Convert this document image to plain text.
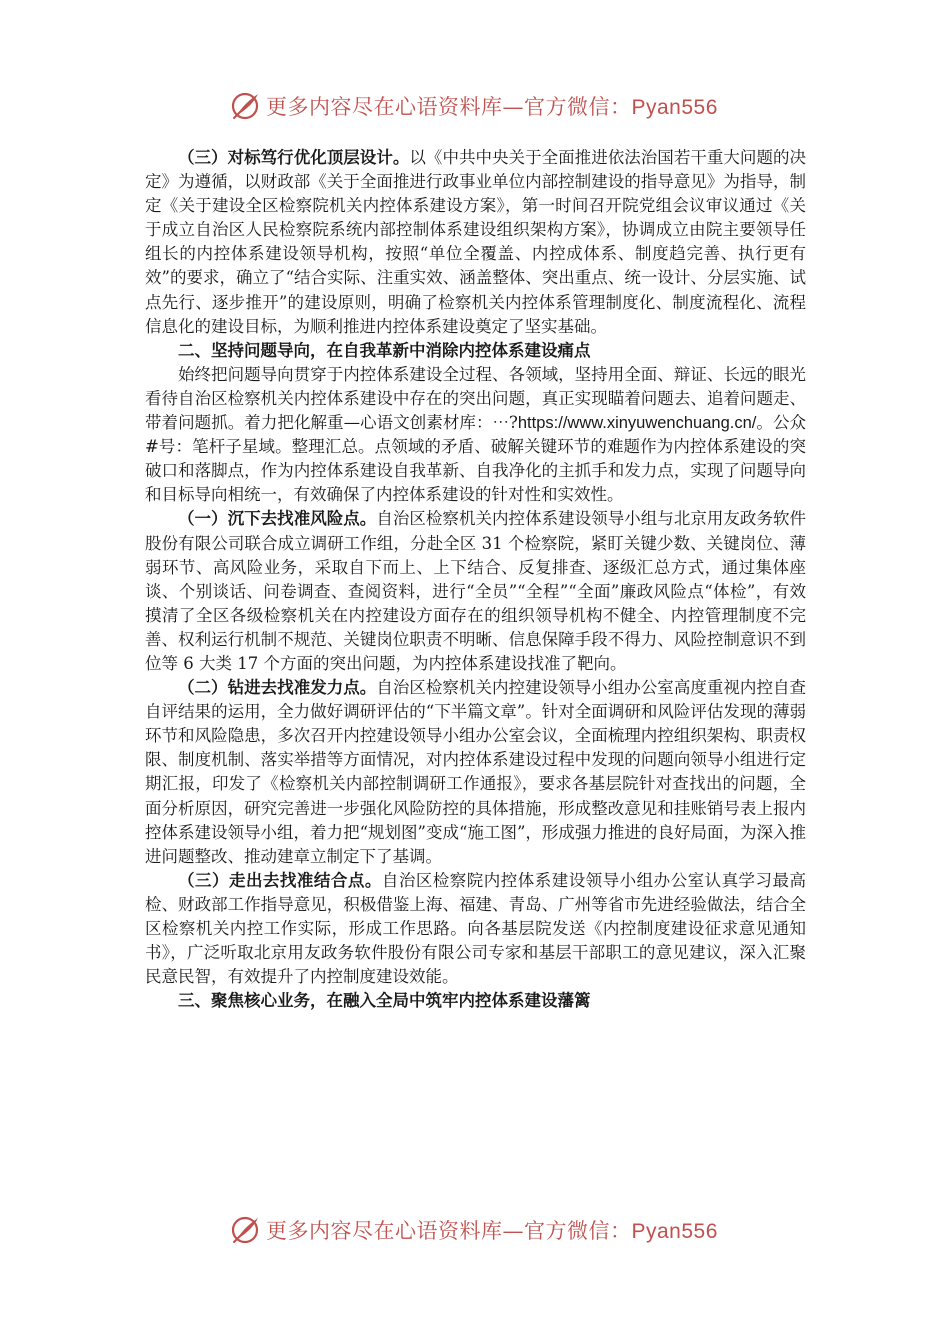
更多内容尽在心语资料库—官方微信：Pyan556

（三）对标笃行优化顶层设计。以《中共中央关于全面推进依法治国若干重大问题的决定》为遵循，以财政部《关于全面推进行政事业单位内部控制建设的指导意见》为指导，制定《关于建设全区检察院机关内控体系建设方案》，第一时间召开院党组会议审议通过《关于成立自治区人民检察院系统内部控制体系建设组织架构方案》，协调成立由院主要领导任组长的内控体系建设领导机构，按照“单位全覆盖、内控成体系、制度趋完善、执行更有效”的要求，确立了“结合实际、注重实效、涵盖整体、突出重点、统一设计、分层实施、试点先行、逐步推开”的建设原则，明确了检察机关内控体系管理制度化、制度流程化、流程信息化的建设目标，为顺利推进内控体系建设奠定了坚实基础。

二、坚持问题导向，在自我革新中消除内控体系建设痛点

始终把问题导向贯穿于内控体系建设全过程、各领域，坚持用全面、辩证、长远的眼光看待自治区检察机关内控体系建设中存在的突出问题，真正实现瞄着问题去、追着问题走、带着问题抓。着力把化解重—心语文创素材库：⋯?https://www.xinyuwenchuang.cn/。公众#号：笔杆子星域。整理汇总。点领域的矛盾、破解关键环节的难题作为内控体系建设的突破口和落脚点，作为内控体系建设自我革新、自我净化的主抓手和发力点，实现了问题导向和目标导向相统一，有效确保了内控体系建设的针对性和实效性。

（一）沉下去找准风险点。自治区检察机关内控体系建设领导小组与北京用友政务软件股份有限公司联合成立调研工作组，分赴全区 31 个检察院，紧盯关键少数、关键岗位、薄弱环节、高风险业务，采取自下而上、上下结合、反复排查、逐级汇总方式，通过集体座谈、个别谈话、问卷调查、查阅资料，进行“全员”“全程”“全面”廉政风险点“体检”，有效摸清了全区各级检察机关在内控建设方面存在的组织领导机构不健全、内控管理制度不完善、权利运行机制不规范、关键岗位职责不明晰、信息保障手段不得力、风险控制意识不到位等 6 大类 17 个方面的突出问题，为内控体系建设找准了靶向。

（二）钻进去找准发力点。自治区检察机关内控建设领导小组办公室高度重视内控自查自评结果的运用，全力做好调研评估的“下半篇文章”。针对全面调研和风险评估发现的薄弱环节和风险隐患，多次召开内控建设领导小组办公室会议，全面梳理内控组织架构、职责权限、制度机制、落实举措等方面情况，对内控体系建设过程中发现的问题向领导小组进行定期汇报，印发了《检察机关内部控制调研工作通报》，要求各基层院针对查找出的问题，全面分析原因，研究完善进一步强化风险防控的具体措施，形成整改意见和挂账销号表上报内控体系建设领导小组，着力把“规划图”变成“施工图”，形成强力推进的良好局面，为深入推进问题整改、推动建章立制定下了基调。

（三）走出去找准结合点。自治区检察院内控体系建设领导小组办公室认真学习最高检、财政部工作指导意见，积极借鉴上海、福建、青岛、广州等省市先进经验做法，结合全区检察机关内控工作实际，形成工作思路。向各基层院发送《内控制度建设征求意见通知书》，广泛听取北京用友政务软件股份有限公司专家和基层干部职工的意见建议，深入汇聚民意民智，有效提升了内控制度建设效能。

三、聚焦核心业务，在融入全局中筑牢内控体系建设藩篱

更多内容尽在心语资料库—官方微信：Pyan556
